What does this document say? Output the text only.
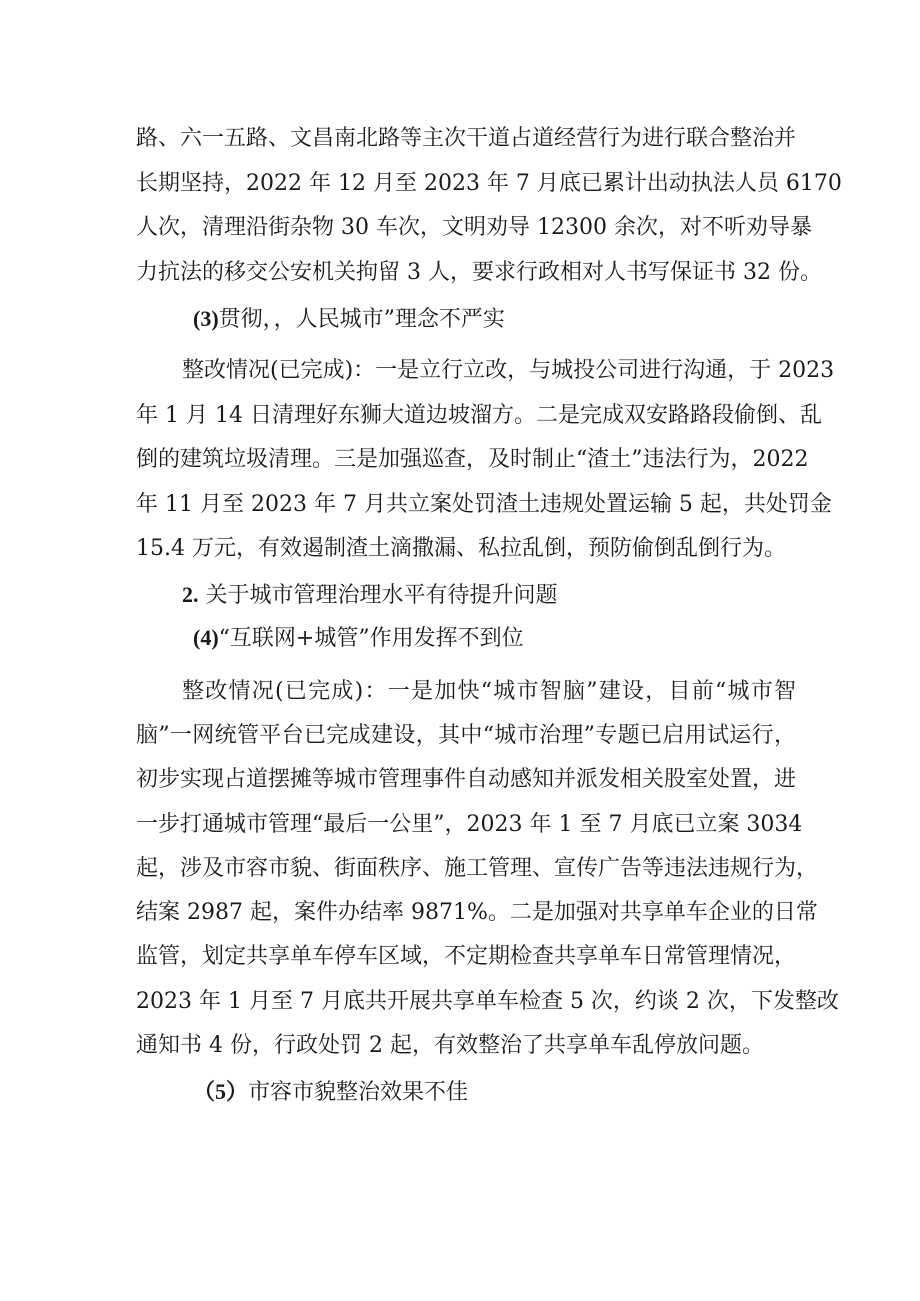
路、六一五路、文昌南北路等主次干道占道经营行为进行联合整治并
长期坚持，2022 年 12 月至 2023 年 7 月底已累计出动执法人员 6170
人次，清理沿街杂物 30 车次，文明劝导 12300 余次，对不听劝导暴
力抗法的移交公安机关拘留 3 人，要求行政相对人书写保证书 32 份。
(3)贯彻，，人民城市”理念不严实
整改情况(已完成)：一是立行立改，与城投公司进行沟通，于 2023
年 1 月 14 日清理好东狮大道边坡溜方。二是完成双安路路段偷倒、乱
倒的建筑垃圾清理。三是加强巡查，及时制止“渣土”违法行为，2022
年 11 月至 2023 年 7 月共立案处罚渣土违规处置运输 5 起，共处罚金
15.4 万元，有效遏制渣土滴撒漏、私拉乱倒，预防偷倒乱倒行为。
2. 关于城市管理治理水平有待提升问题
(4)“互联网+城管”作用发挥不到位
整改情况(已完成)：一是加快“城市智脑”建设，目前“城市智
脑”一网统管平台已完成建设，其中“城市治理”专题已启用试运行，
初步实现占道摆摊等城市管理事件自动感知并派发相关股室处置，进
一步打通城市管理“最后一公里”，2023 年 1 至 7 月底已立案 3034
起，涉及市容市貌、街面秩序、施工管理、宣传广告等违法违规行为，
结案 2987 起，案件办结率 9871%。二是加强对共享单车企业的日常
监管，划定共享单车停车区域，不定期检查共享单车日常管理情况，
2023 年 1 月至 7 月底共开展共享单车检查 5 次，约谈 2 次，下发整改
通知书 4 份，行政处罚 2 起，有效整治了共享单车乱停放问题。
（5）市容市貌整治效果不佳
